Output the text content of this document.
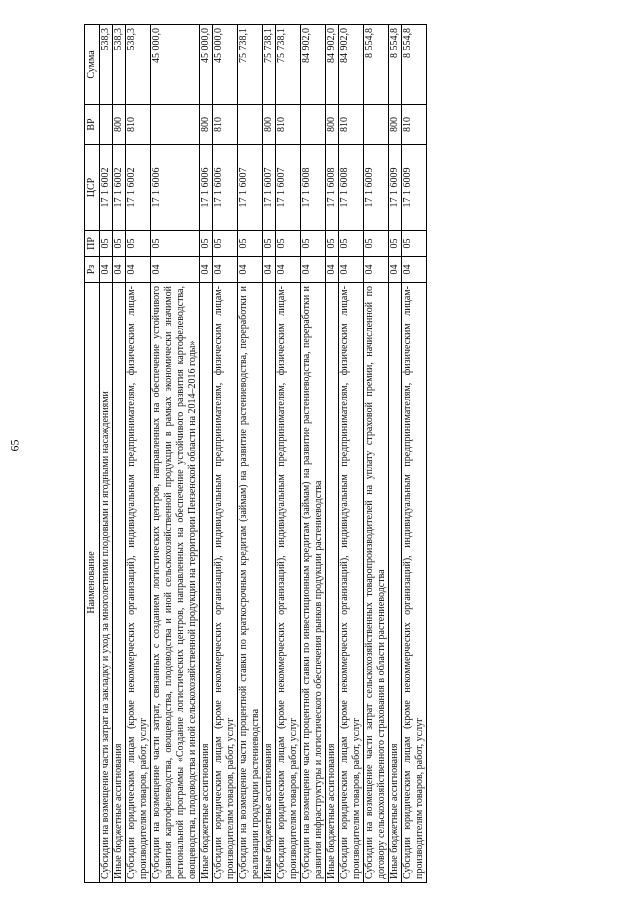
65
Наименование	Рз	ПР	ЦСР	ВР	Сумма
Субсидии на возмещение части затрат на закладку и уход за многолетними плодовыми и ягодными насаждениями	04	05	17 1 6002		538,3
Иные бюджетные ассигнования	04	05	17 1 6002	800	538,3
Субсидии юридическим лицам (кроме некоммерческих организаций), индивидуальным предпринимателям, физическим лицам-производителям товаров, работ, услуг	04	05	17 1 6002	810	538,3
Субсидии на возмещение части затрат, связанных с созданием логистических центров, направленных на обеспечение устойчивого развития картофелеводства, овощеводства, плодоводства и иной сельскохозяйственной продукции в рамках экономически значимой региональной программы «Создание логистических центров, направленных на обеспечение устойчивого развития картофелеводства, овощеводства, плодоводства и иной сельскохозяйственной продукции на территории Пензенской области на 2014–2016 годы»	04	05	17 1 6006		45 000,0
Иные бюджетные ассигнования	04	05	17 1 6006	800	45 000,0
Субсидии юридическим лицам (кроме некоммерческих организаций), индивидуальным предпринимателям, физическим лицам-производителям товаров, работ, услуг	04	05	17 1 6006	810	45 000,0
Субсидии на возмещение части процентной ставки по краткосрочным кредитам (займам) на развитие растениеводства, переработки и реализации продукции растениеводства	04	05	17 1 6007		75 738,1
Иные бюджетные ассигнования	04	05	17 1 6007	800	75 738,1
Субсидии юридическим лицам (кроме некоммерческих организаций), индивидуальным предпринимателям, физическим лицам-производителям товаров, работ, услуг	04	05	17 1 6007	810	75 738,1
Субсидии на возмещение части процентной ставки по инвестиционным кредитам (займам) на развитие растениеводства, переработки и развития инфраструктуры и логистического обеспечения рынков продукции растениеводства	04	05	17 1 6008		84 902,0
Иные бюджетные ассигнования	04	05	17 1 6008	800	84 902,0
Субсидии юридическим лицам (кроме некоммерческих организаций), индивидуальным предпринимателям, физическим лицам-производителям товаров, работ, услуг	04	05	17 1 6008	810	84 902,0
Субсидии на возмещение части затрат сельскохозяйственных товаропроизводителей на уплату страховой премии, начисленной по договору сельскохозяйственного страхования в области растениеводства	04	05	17 1 6009		8 554,8
Иные бюджетные ассигнования	04	05	17 1 6009	800	8 554,8
Субсидии юридическим лицам (кроме некоммерческих организаций), индивидуальным предпринимателям, физическим лицам-производителям товаров, работ, услуг	04	05	17 1 6009	810	8 554,8
